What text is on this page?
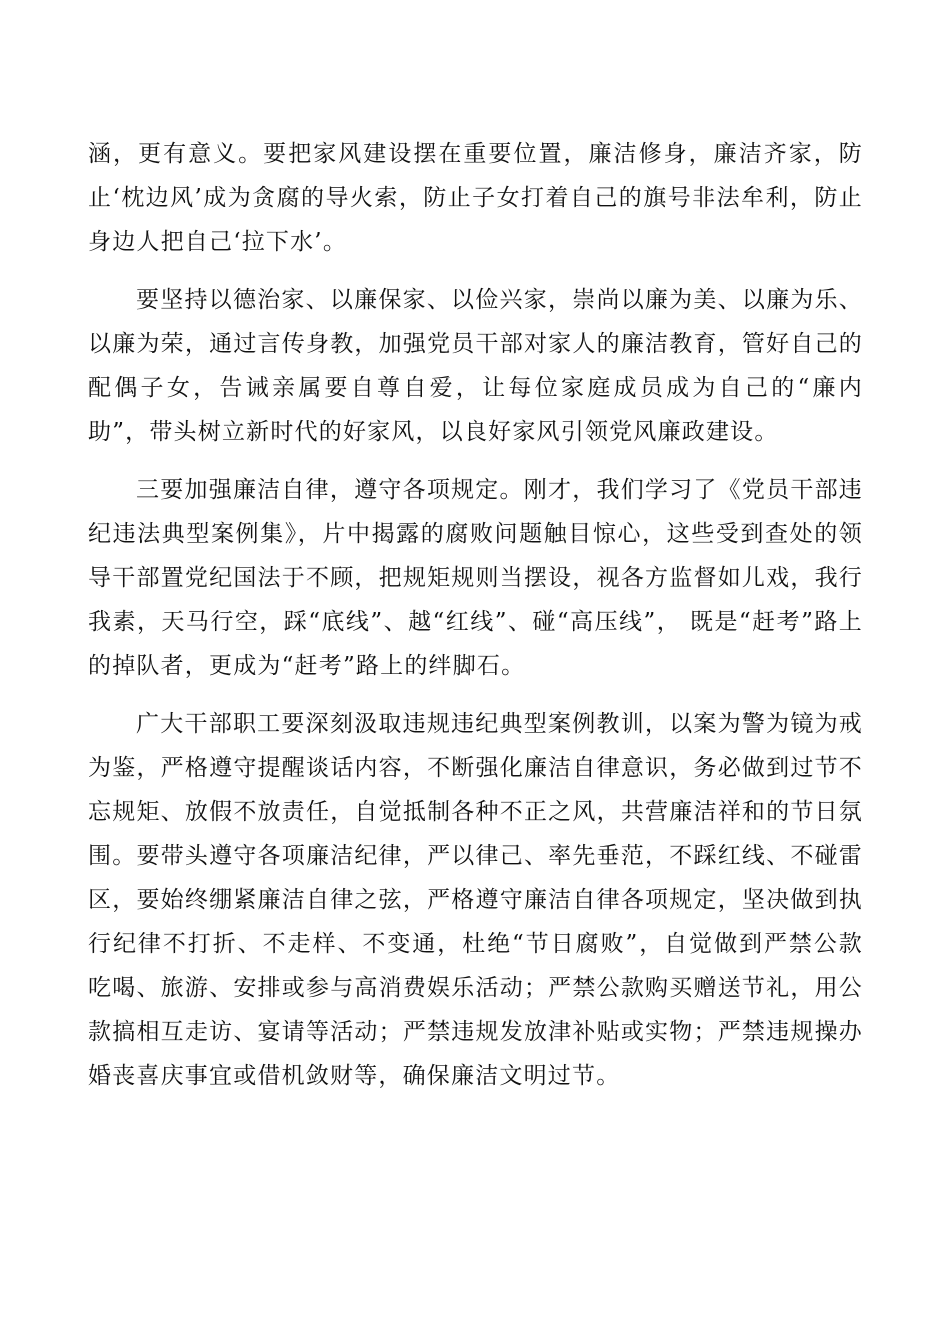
涵，更有意义。要把家风建设摆在重要位置，廉洁修身，廉洁齐家，防止‘枕边风’成为贪腐的导火索，防止子女打着自己的旗号非法牟利，防止身边人把自己‘拉下水’。

要坚持以德治家、以廉保家、以俭兴家，崇尚以廉为美、以廉为乐、以廉为荣，通过言传身教，加强党员干部对家人的廉洁教育，管好自己的配偶子女，告诫亲属要自尊自爱，让每位家庭成员成为自己的“廉内助”，带头树立新时代的好家风，以良好家风引领党风廉政建设。

三要加强廉洁自律，遵守各项规定。刚才，我们学习了《党员干部违纪违法典型案例集》，片中揭露的腐败问题触目惊心，这些受到查处的领导干部置党纪国法于不顾，把规矩规则当摆设，视各方监督如儿戏，我行我素，天马行空，踩“底线”、越“红线”、碰“高压线”， 既是“赶考”路上的掉队者，更成为“赶考”路上的绊脚石。

广大干部职工要深刻汲取违规违纪典型案例教训，以案为警为镜为戒为鉴，严格遵守提醒谈话内容，不断强化廉洁自律意识，务必做到过节不忘规矩、放假不放责任，自觉抵制各种不正之风，共营廉洁祥和的节日氛围。要带头遵守各项廉洁纪律，严以律己、率先垂范，不踩红线、不碰雷区，要始终绷紧廉洁自律之弦，严格遵守廉洁自律各项规定，坚决做到执行纪律不打折、不走样、不变通，杜绝“节日腐败”，自觉做到严禁公款吃喝、旅游、安排或参与高消费娱乐活动；严禁公款购买赠送节礼，用公款搞相互走访、宴请等活动；严禁违规发放津补贴或实物；严禁违规操办婚丧喜庆事宜或借机敛财等，确保廉洁文明过节。
